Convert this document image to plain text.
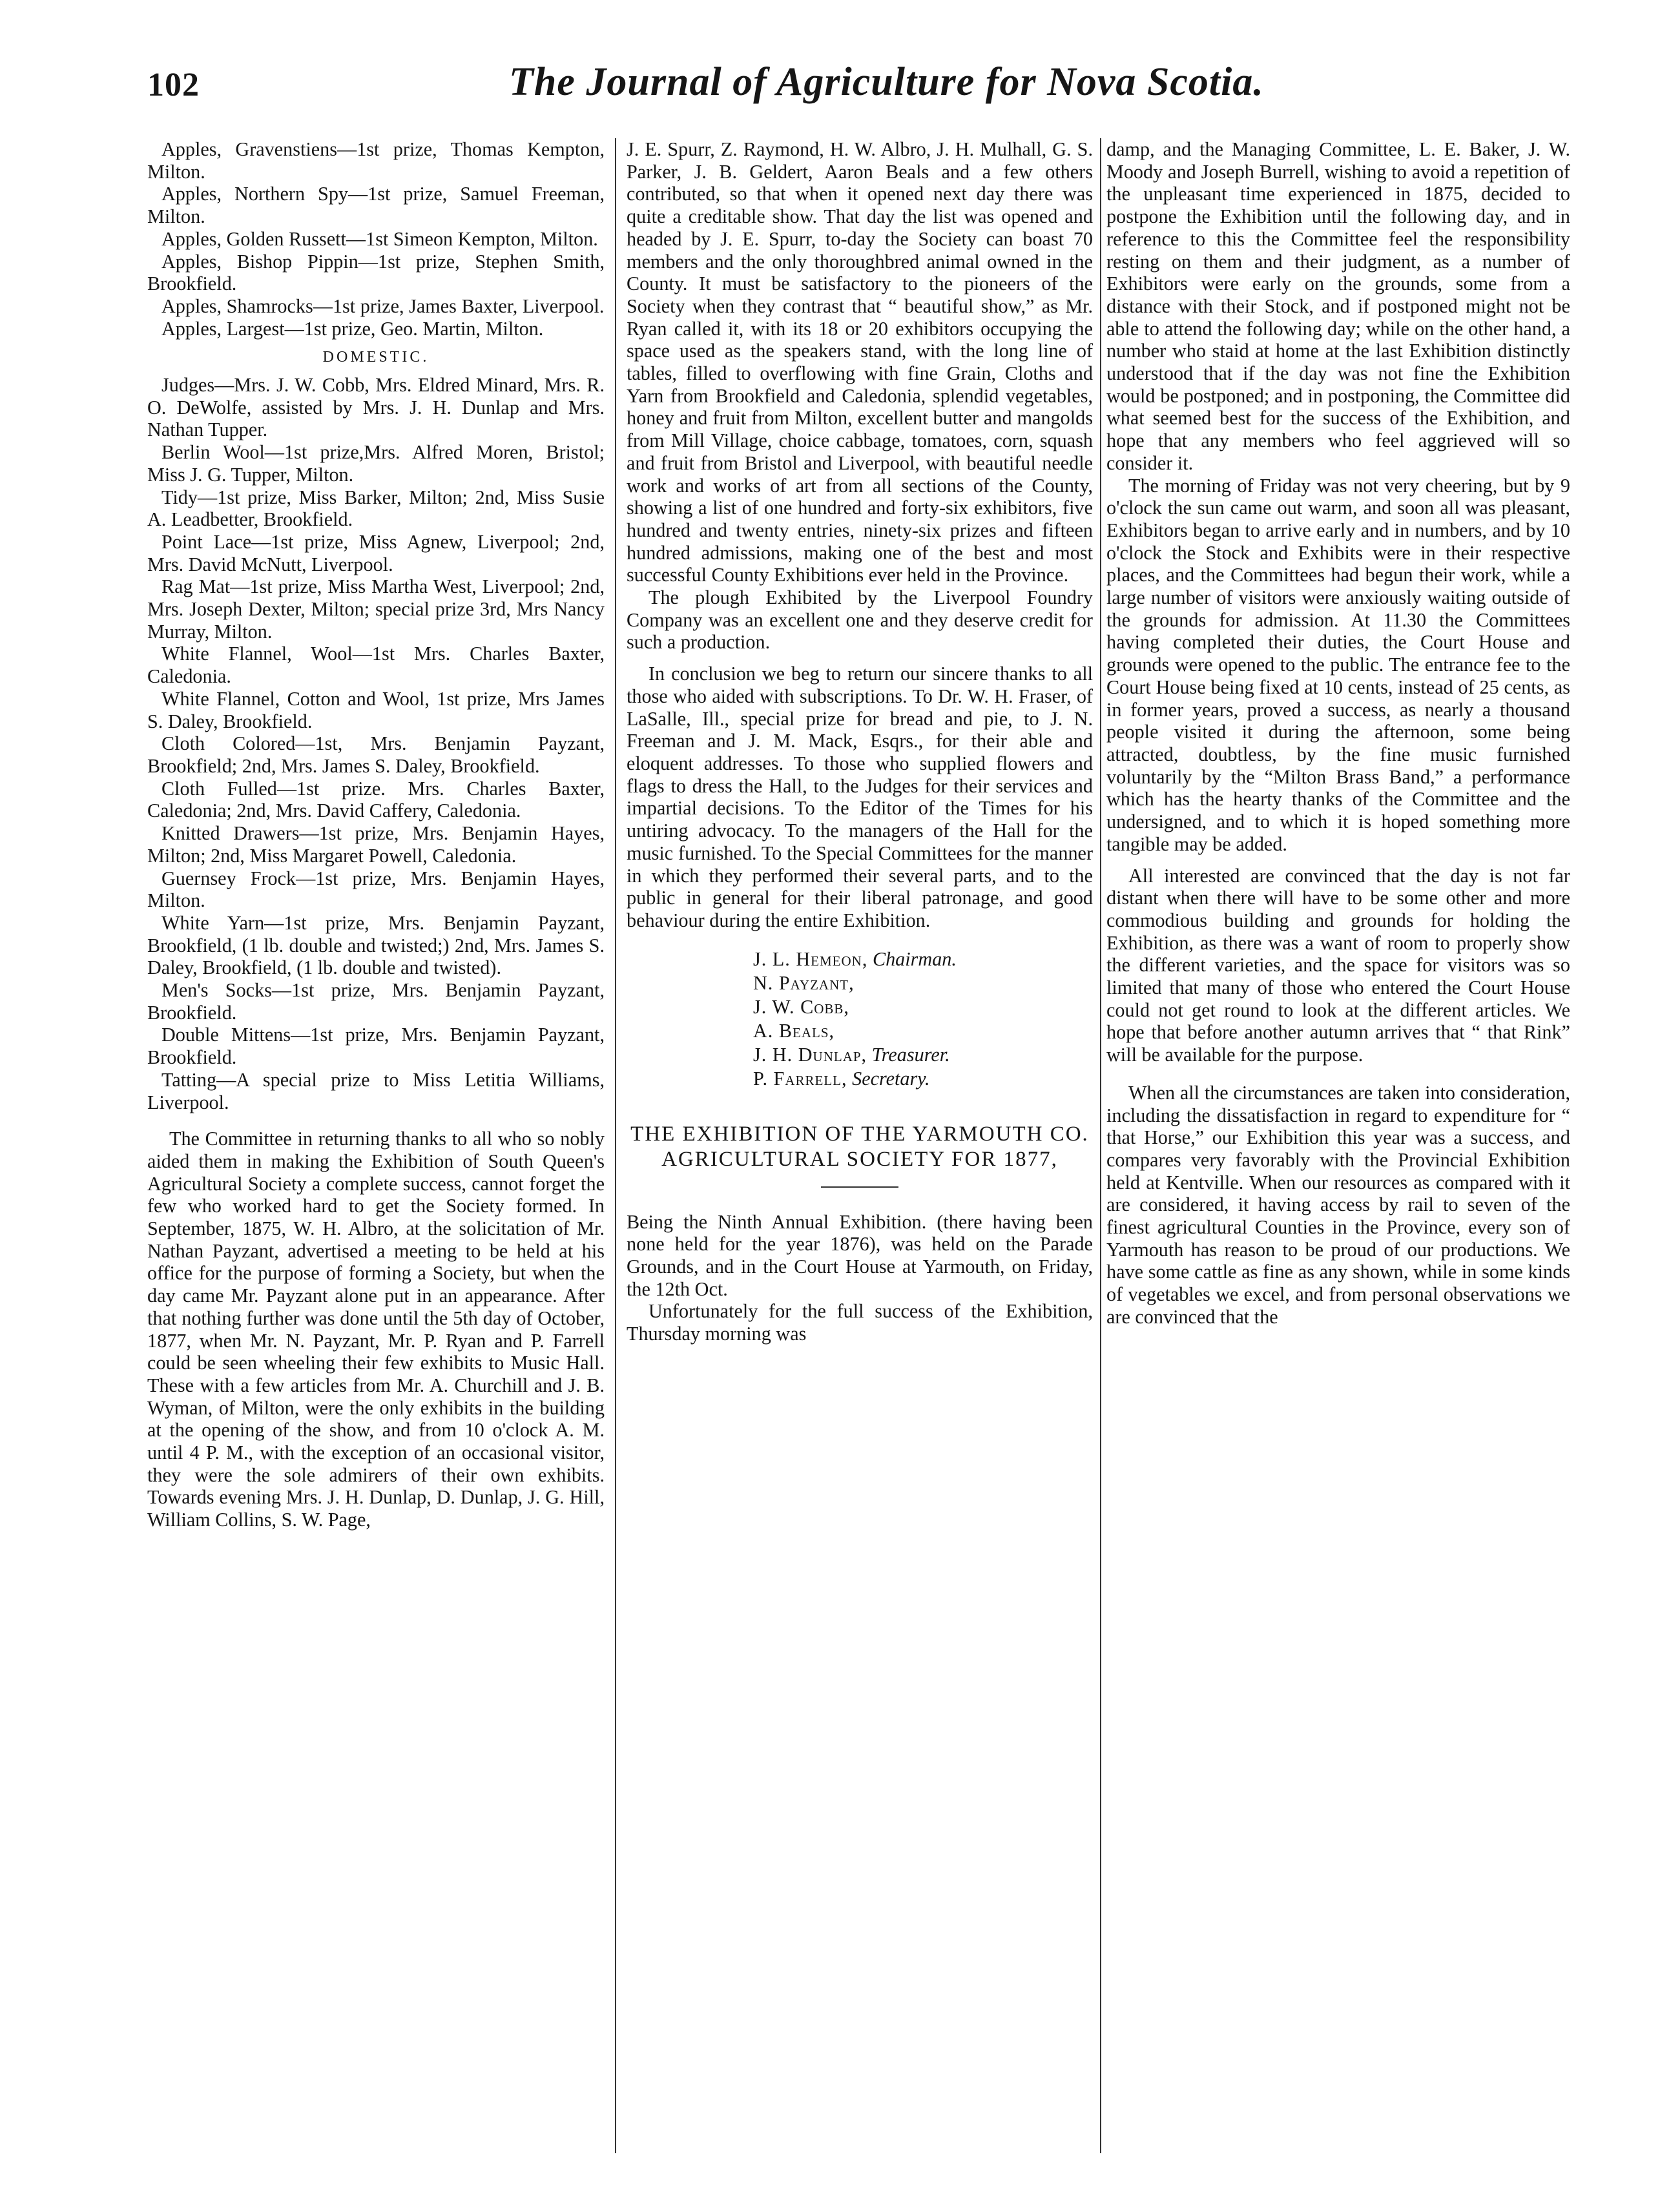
102	The Journal of Agriculture for Nova Scotia.

Apples, Gravenstiens—1st prize, Thomas Kempton, Milton.

Apples, Northern Spy—1st prize, Samuel Freeman, Milton.

Apples, Golden Russett—1st Simeon Kempton, Milton.

Apples, Bishop Pippin—1st prize, Stephen Smith, Brookfield.

Apples, Shamrocks—1st prize, James Baxter, Liverpool.

Apples, Largest—1st prize, Geo. Martin, Milton.

DOMESTIC.

Judges—Mrs. J. W. Cobb, Mrs. Eldred Minard, Mrs. R. O. DeWolfe, assisted by Mrs. J. H. Dunlap and Mrs. Nathan Tupper.

Berlin Wool—1st prize,Mrs. Alfred Moren, Bristol; Miss J. G. Tupper, Milton.

Tidy—1st prize, Miss Barker, Milton; 2nd, Miss Susie A. Leadbetter, Brookfield.

Point Lace—1st prize, Miss Agnew, Liverpool; 2nd, Mrs. David McNutt, Liverpool.

Rag Mat—1st prize, Miss Martha West, Liverpool; 2nd, Mrs. Joseph Dexter, Milton; special prize 3rd, Mrs Nancy Murray, Milton.

White Flannel, Wool—1st Mrs. Charles Baxter, Caledonia.

White Flannel, Cotton and Wool, 1st prize, Mrs James S. Daley, Brookfield.

Cloth Colored—1st, Mrs. Benjamin Payzant, Brookfield; 2nd, Mrs. James S. Daley, Brookfield.

Cloth Fulled—1st prize. Mrs. Charles Baxter, Caledonia; 2nd, Mrs. David Caffery, Caledonia.

Knitted Drawers—1st prize, Mrs. Benjamin Hayes, Milton; 2nd, Miss Margaret Powell, Caledonia.

Guernsey Frock—1st prize, Mrs. Benjamin Hayes, Milton.

White Yarn—1st prize, Mrs. Benjamin Payzant, Brookfield, (1 lb. double and twisted;) 2nd, Mrs. James S. Daley, Brookfield, (1 lb. double and twisted).

Men's Socks—1st prize, Mrs. Benjamin Payzant, Brookfield.

Double Mittens—1st prize, Mrs. Benjamin Payzant, Brookfield.

Tatting—A special prize to Miss Letitia Williams, Liverpool.

The Committee in returning thanks to all who so nobly aided them in making the Exhibition of South Queen's Agricultural Society a complete success, cannot forget the few who worked hard to get the Society formed. In September, 1875, W. H. Albro, at the solicitation of Mr. Nathan Payzant, advertised a meeting to be held at his office for the purpose of forming a Society, but when the day came Mr. Payzant alone put in an appearance. After that nothing further was done until the 5th day of October, 1877, when Mr. N. Payzant, Mr. P. Ryan and P. Farrell could be seen wheeling their few exhibits to Music Hall. These with a few articles from Mr. A. Churchill and J. B. Wyman, of Milton, were the only exhibits in the building at the opening of the show, and from 10 o'clock A. M. until 4 P. M., with the exception of an occasional visitor, they were the sole admirers of their own exhibits. Towards evening Mrs. J. H. Dunlap, D. Dunlap, J. G. Hill, William Collins, S. W. Page,

J. E. Spurr, Z. Raymond, H. W. Albro, J. H. Mulhall, G. S. Parker, J. B. Geldert, Aaron Beals and a few others contributed, so that when it opened next day there was quite a creditable show. That day the list was opened and headed by J. E. Spurr, to-day the Society can boast 70 members and the only thoroughbred animal owned in the County. It must be satisfactory to the pioneers of the Society when they contrast that “ beautiful show,” as Mr. Ryan called it, with its 18 or 20 exhibitors occupying the space used as the speakers stand, with the long line of tables, filled to overflowing with fine Grain, Cloths and Yarn from Brookfield and Caledonia, splendid vegetables, honey and fruit from Milton, excellent butter and mangolds from Mill Village, choice cabbage, tomatoes, corn, squash and fruit from Bristol and Liverpool, with beautiful needle work and works of art from all sections of the County, showing a list of one hundred and forty-six exhibitors, five hundred and twenty entries, ninety-six prizes and fifteen hundred admissions, making one of the best and most successful County Exhibitions ever held in the Province.

The plough Exhibited by the Liverpool Foundry Company was an excellent one and they deserve credit for such a production.

In conclusion we beg to return our sincere thanks to all those who aided with subscriptions. To Dr. W. H. Fraser, of LaSalle, Ill., special prize for bread and pie, to J. N. Freeman and J. M. Mack, Esqrs., for their able and eloquent addresses. To those who supplied flowers and flags to dress the Hall, to the Judges for their services and impartial decisions. To the Editor of the Times for his untiring advocacy. To the managers of the Hall for the music furnished. To the Special Committees for the manner in which they performed their several parts, and to the public in general for their liberal patronage, and good behaviour during the entire Exhibition.

J. L. Hemeon, Chairman.
N. Payzant,
J. W. Cobb,
A. Beals,
J. H. Dunlap, Treasurer.
P. Farrell, Secretary.
THE EXHIBITION OF THE YARMOUTH CO. AGRICULTURAL SOCIETY FOR 1877,

Being the Ninth Annual Exhibition. (there having been none held for the year 1876), was held on the Parade Grounds, and in the Court House at Yarmouth, on Friday, the 12th Oct.

Unfortunately for the full success of the Exhibition, Thursday morning was

damp, and the Managing Committee, L. E. Baker, J. W. Moody and Joseph Burrell, wishing to avoid a repetition of the unpleasant time experienced in 1875, decided to postpone the Exhibition until the following day, and in reference to this the Committee feel the responsibility resting on them and their judgment, as a number of Exhibitors were early on the grounds, some from a distance with their Stock, and if postponed might not be able to attend the following day; while on the other hand, a number who staid at home at the last Exhibition distinctly understood that if the day was not fine the Exhibition would be postponed; and in postponing, the Committee did what seemed best for the success of the Exhibition, and hope that any members who feel aggrieved will so consider it.

The morning of Friday was not very cheering, but by 9 o'clock the sun came out warm, and soon all was pleasant, Exhibitors began to arrive early and in numbers, and by 10 o'clock the Stock and Exhibits were in their respective places, and the Committees had begun their work, while a large number of visitors were anxiously waiting outside of the grounds for admission. At 11.30 the Committees having completed their duties, the Court House and grounds were opened to the public. The entrance fee to the Court House being fixed at 10 cents, instead of 25 cents, as in former years, proved a success, as nearly a thousand people visited it during the afternoon, some being attracted, doubtless, by the fine music furnished voluntarily by the “Milton Brass Band,” a performance which has the hearty thanks of the Committee and the undersigned, and to which it is hoped something more tangible may be added.

All interested are convinced that the day is not far distant when there will have to be some other and more commodious building and grounds for holding the Exhibition, as there was a want of room to properly show the different varieties, and the space for visitors was so limited that many of those who entered the Court House could not get round to look at the different articles. We hope that before another autumn arrives that “ that Rink” will be available for the purpose.

When all the circumstances are taken into consideration, including the dissatisfaction in regard to expenditure for “ that Horse,” our Exhibition this year was a success, and compares very favorably with the Provincial Exhibition held at Kentville. When our resources as compared with it are considered, it having access by rail to seven of the finest agricultural Counties in the Province, every son of Yarmouth has reason to be proud of our productions. We have some cattle as fine as any shown, while in some kinds of vegetables we excel, and from personal observations we are convinced that the
